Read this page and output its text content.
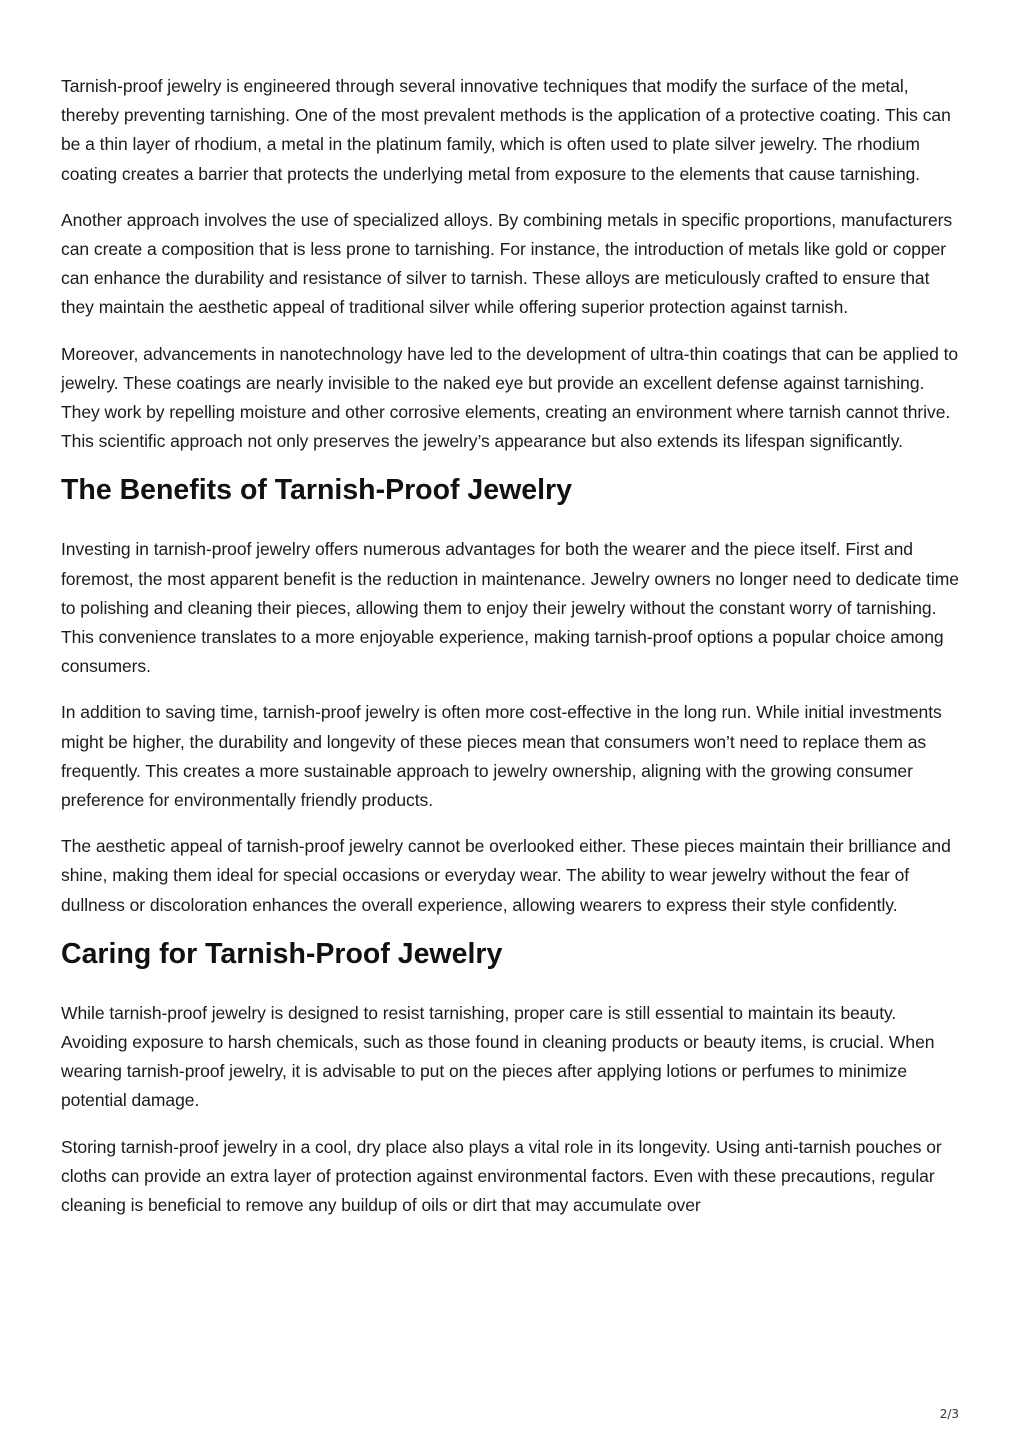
Tarnish-proof jewelry is engineered through several innovative techniques that modify the surface of the metal, thereby preventing tarnishing. One of the most prevalent methods is the application of a protective coating. This can be a thin layer of rhodium, a metal in the platinum family, which is often used to plate silver jewelry. The rhodium coating creates a barrier that protects the underlying metal from exposure to the elements that cause tarnishing.

Another approach involves the use of specialized alloys. By combining metals in specific proportions, manufacturers can create a composition that is less prone to tarnishing. For instance, the introduction of metals like gold or copper can enhance the durability and resistance of silver to tarnish. These alloys are meticulously crafted to ensure that they maintain the aesthetic appeal of traditional silver while offering superior protection against tarnish.

Moreover, advancements in nanotechnology have led to the development of ultra-thin coatings that can be applied to jewelry. These coatings are nearly invisible to the naked eye but provide an excellent defense against tarnishing. They work by repelling moisture and other corrosive elements, creating an environment where tarnish cannot thrive. This scientific approach not only preserves the jewelry’s appearance but also extends its lifespan significantly.

The Benefits of Tarnish-Proof Jewelry

Investing in tarnish-proof jewelry offers numerous advantages for both the wearer and the piece itself. First and foremost, the most apparent benefit is the reduction in maintenance. Jewelry owners no longer need to dedicate time to polishing and cleaning their pieces, allowing them to enjoy their jewelry without the constant worry of tarnishing. This convenience translates to a more enjoyable experience, making tarnish-proof options a popular choice among consumers.

In addition to saving time, tarnish-proof jewelry is often more cost-effective in the long run. While initial investments might be higher, the durability and longevity of these pieces mean that consumers won’t need to replace them as frequently. This creates a more sustainable approach to jewelry ownership, aligning with the growing consumer preference for environmentally friendly products.

The aesthetic appeal of tarnish-proof jewelry cannot be overlooked either. These pieces maintain their brilliance and shine, making them ideal for special occasions or everyday wear. The ability to wear jewelry without the fear of dullness or discoloration enhances the overall experience, allowing wearers to express their style confidently.

Caring for Tarnish-Proof Jewelry

While tarnish-proof jewelry is designed to resist tarnishing, proper care is still essential to maintain its beauty. Avoiding exposure to harsh chemicals, such as those found in cleaning products or beauty items, is crucial. When wearing tarnish-proof jewelry, it is advisable to put on the pieces after applying lotions or perfumes to minimize potential damage.

Storing tarnish-proof jewelry in a cool, dry place also plays a vital role in its longevity. Using anti-tarnish pouches or cloths can provide an extra layer of protection against environmental factors. Even with these precautions, regular cleaning is beneficial to remove any buildup of oils or dirt that may accumulate over

2/3
